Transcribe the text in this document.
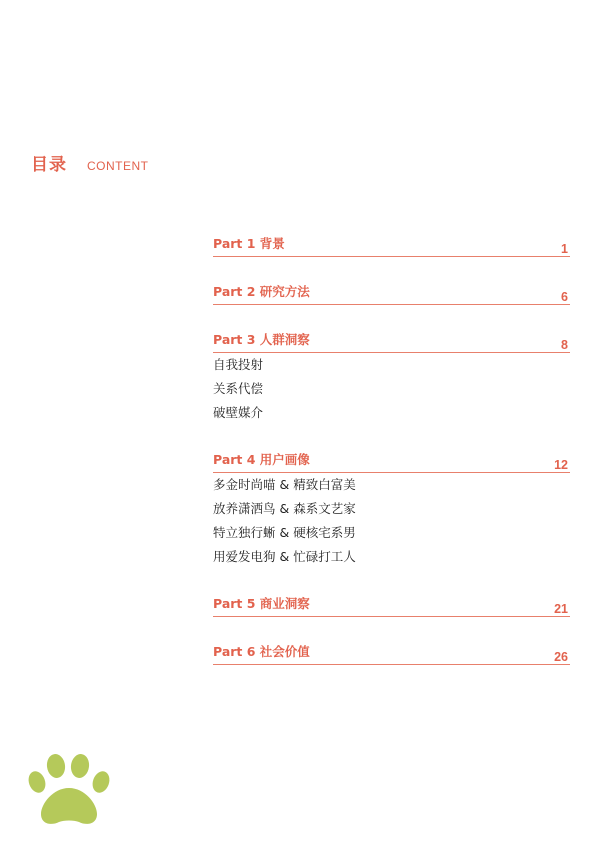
目录 CONTENT
Part 1 背景	1
Part 2 研究方法	6
Part 3 人群洞察	8
自我投射
关系代偿
破壁媒介
Part 4 用户画像	12
多金时尚喵 & 精致白富美
放养潇洒鸟 & 森系文艺家
特立独行蜥 & 硬核宅系男
用爱发电狗 & 忙碌打工人
Part 5 商业洞察	21
Part 6 社会价值	26
